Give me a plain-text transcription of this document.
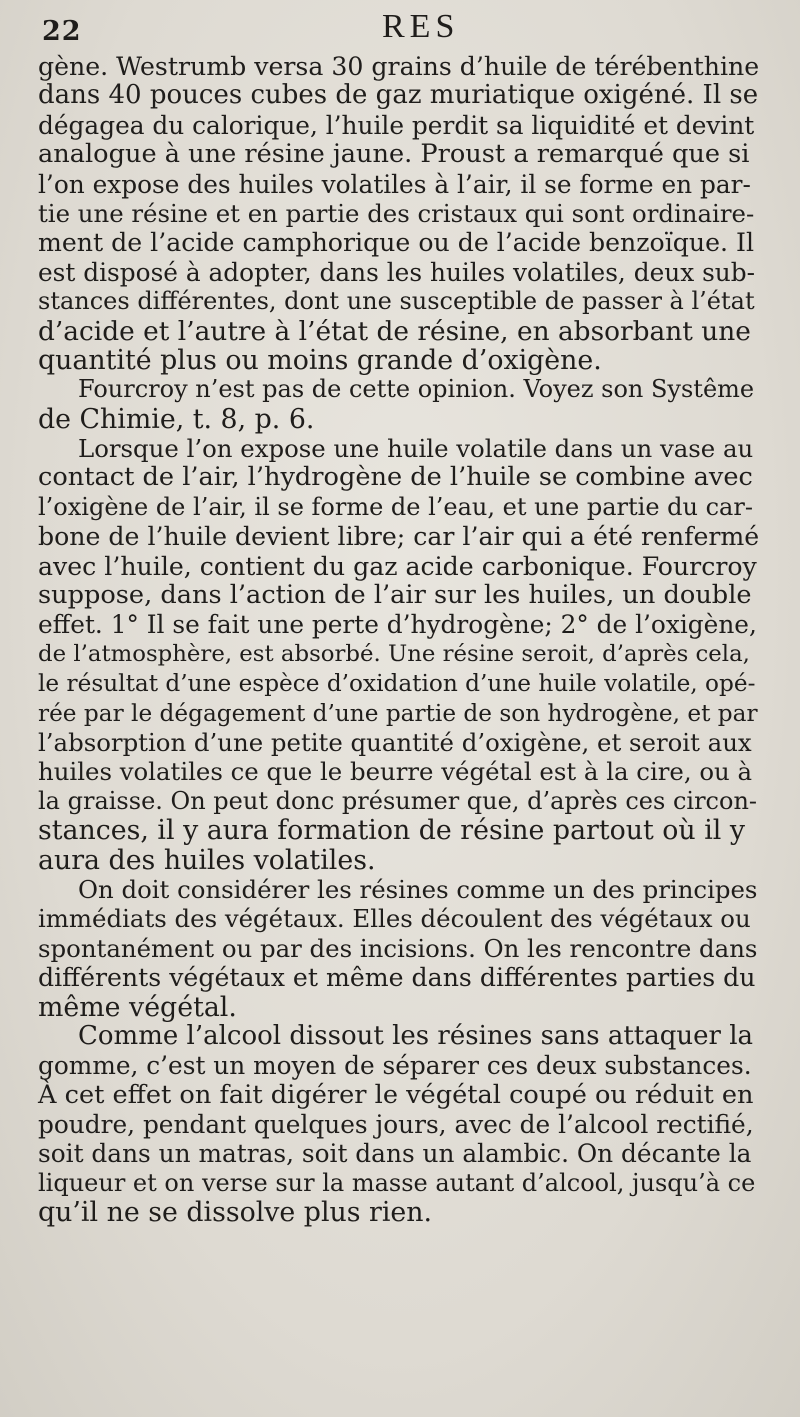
22	RES
gène. Westrumb versa 30 grains d’huile de térébenthine
dans 40 pouces cubes de gaz muriatique oxigéné. Il se
dégagea du calorique, l’huile perdit sa liquidité et devint
analogue à une résine jaune. Proust a remarqué que si
l’on expose des huiles volatiles à l’air, il se forme en par-
tie une résine et en partie des cristaux qui sont ordinaire-
ment de l’acide camphorique ou de l’acide benzoïque. Il
est disposé à adopter, dans les huiles volatiles, deux sub-
stances différentes, dont une susceptible de passer à l’état
d’acide et l’autre à l’état de résine, en absorbant une
quantité plus ou moins grande d’oxigène.
Fourcroy n’est pas de cette opinion. Voyez son Systême
de Chimie, t. 8, p. 6.
Lorsque l’on expose une huile volatile dans un vase au
contact de l’air, l’hydrogène de l’huile se combine avec
l’oxigène de l’air, il se forme de l’eau, et une partie du car-
bone de l’huile devient libre; car l’air qui a été renfermé
avec l’huile, contient du gaz acide carbonique. Fourcroy
suppose, dans l’action de l’air sur les huiles, un double
effet. 1° Il se fait une perte d’hydrogène; 2° de l’oxigène,
de l’atmosphère, est absorbé. Une résine seroit, d’après cela,
le résultat d’une espèce d’oxidation d’une huile volatile, opé-
rée par le dégagement d’une partie de son hydrogène, et par
l’absorption d’une petite quantité d’oxigène, et seroit aux
huiles volatiles ce que le beurre végétal est à la cire, ou à
la graisse. On peut donc présumer que, d’après ces circon-
stances, il y aura formation de résine partout où il y
aura des huiles volatiles.
On doit considérer les résines comme un des principes
immédiats des végétaux. Elles découlent des végétaux ou
spontanément ou par des incisions. On les rencontre dans
différents végétaux et même dans différentes parties du
même végétal.
Comme l’alcool dissout les résines sans attaquer la
gomme, c’est un moyen de séparer ces deux substances.
À cet effet on fait digérer le végétal coupé ou réduit en
poudre, pendant quelques jours, avec de l’alcool rectifié,
soit dans un matras, soit dans un alambic. On décante la
liqueur et on verse sur la masse autant d’alcool, jusqu’à ce
qu’il ne se dissolve plus rien.
